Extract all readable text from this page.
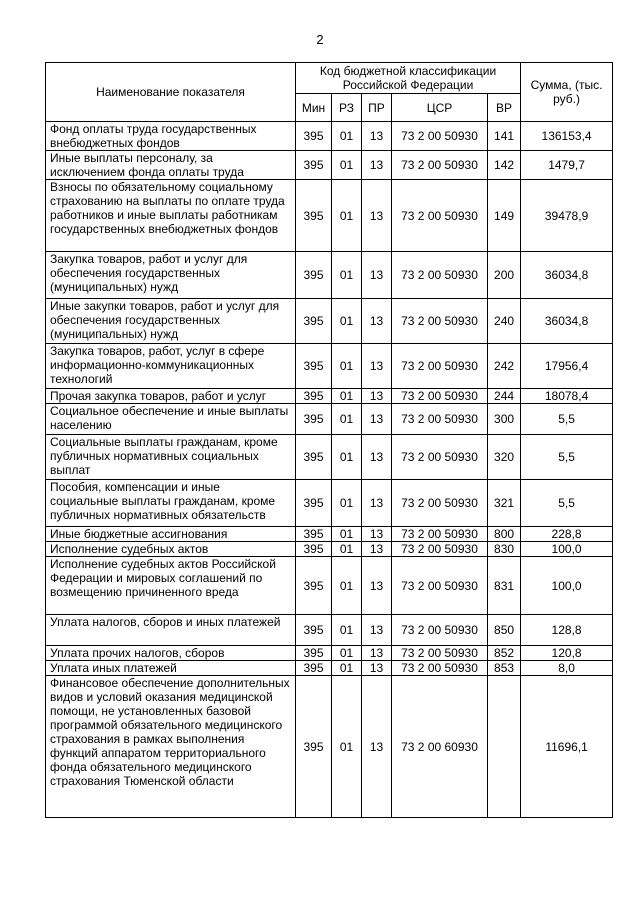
2
Наименование показателя	Код бюджетной классификации Российской Федерации					Сумма, (тыс. руб.)
	Мин	РЗ	ПР	ЦСР	ВР	
Фонд оплаты труда государственных внебюджетных фондов	395	01	13	73 2 00 50930	141	136153,4
Иные выплаты персоналу, за исключением фонда оплаты труда	395	01	13	73 2 00 50930	142	1479,7
Взносы по обязательному социальному страхованию на выплаты по оплате труда работников и иные выплаты работникам государственных внебюджетных фондов	395	01	13	73 2 00 50930	149	39478,9
Закупка товаров, работ и услуг для обеспечения государственных (муниципальных) нужд	395	01	13	73 2 00 50930	200	36034,8
Иные закупки товаров, работ и услуг для обеспечения государственных (муниципальных) нужд	395	01	13	73 2 00 50930	240	36034,8
Закупка товаров, работ, услуг в сфере информационно-коммуникационных технологий	395	01	13	73 2 00 50930	242	17956,4
Прочая закупка товаров, работ и услуг	395	01	13	73 2 00 50930	244	18078,4
Социальное обеспечение и иные выплаты населению	395	01	13	73 2 00 50930	300	5,5
Социальные выплаты гражданам, кроме публичных нормативных социальных выплат	395	01	13	73 2 00 50930	320	5,5
Пособия, компенсации и иные социальные выплаты гражданам, кроме публичных нормативных обязательств	395	01	13	73 2 00 50930	321	5,5
Иные бюджетные ассигнования	395	01	13	73 2 00 50930	800	228,8
Исполнение судебных актов	395	01	13	73 2 00 50930	830	100,0
Исполнение судебных актов Российской Федерации и мировых соглашений по возмещению причиненного вреда	395	01	13	73 2 00 50930	831	100,0
Уплата налогов, сборов и иных платежей	395	01	13	73 2 00 50930	850	128,8
Уплата прочих налогов, сборов	395	01	13	73 2 00 50930	852	120,8
Уплата иных платежей	395	01	13	73 2 00 50930	853	8,0
Финансовое обеспечение дополнительных видов и условий оказания медицинской помощи, не установленных базовой программой обязательного медицинского страхования в рамках выполнения функций аппаратом территориального фонда обязательного медицинского страхования Тюменской области	395	01	13	73 2 00 60930		11696,1
